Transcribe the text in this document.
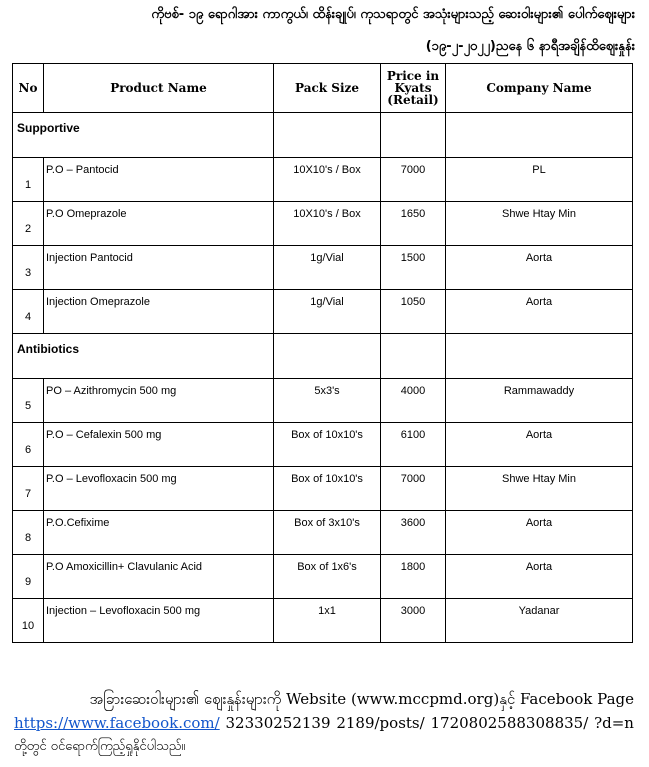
ကိုဗစ်- ၁၉ ရောဂါအား ကာကွယ်၊ ထိန်းချုပ်၊ ကုသရာတွင် အသုံးများသည့် ဆေးဝါးများ၏ ပေါက်ဈေးများ
(၁၉-၂-၂၀၂၂)ညနေ ၆ နာရီအချိန်ထိဈေးနှုန်း
No	Product Name	Pack Size	Price in Kyats (Retail)	Company Name
Supportive				

1	P.O – Pantocid	10X10's / Box	7000	PL

2	P.O Omeprazole	10X10's / Box	1650	Shwe Htay Min

3	Injection Pantocid	1g/Vial	1500	Aorta

4	Injection Omeprazole	1g/Vial	1050	Aorta

Antibiotics				

5	PO – Azithromycin 500 mg	5x3's	4000	Rammawaddy

6	P.O – Cefalexin 500 mg	Box of 10x10's	6100	Aorta

7	P.O – Levofloxacin 500 mg	Box of 10x10's	7000	Shwe Htay Min

8	P.O.Cefixime	Box of 3x10's	3600	Aorta

9	P.O Amoxicillin+ Clavulanic Acid	Box of 1x6's	1800	Aorta

10	Injection – Levofloxacin 500 mg	1x1	3000	Yadanar
အခြားဆေးဝါးများ၏ ဈေးနှုန်းများကို Website (www.mccpmd.org)နှင့် Facebook Page
https://www.facebook.com/ 32330252139 2189/posts/ 1720802588308835/ ?d=n
တို့တွင် ဝင်ရောက်ကြည့်ရှုနိုင်ပါသည်။
